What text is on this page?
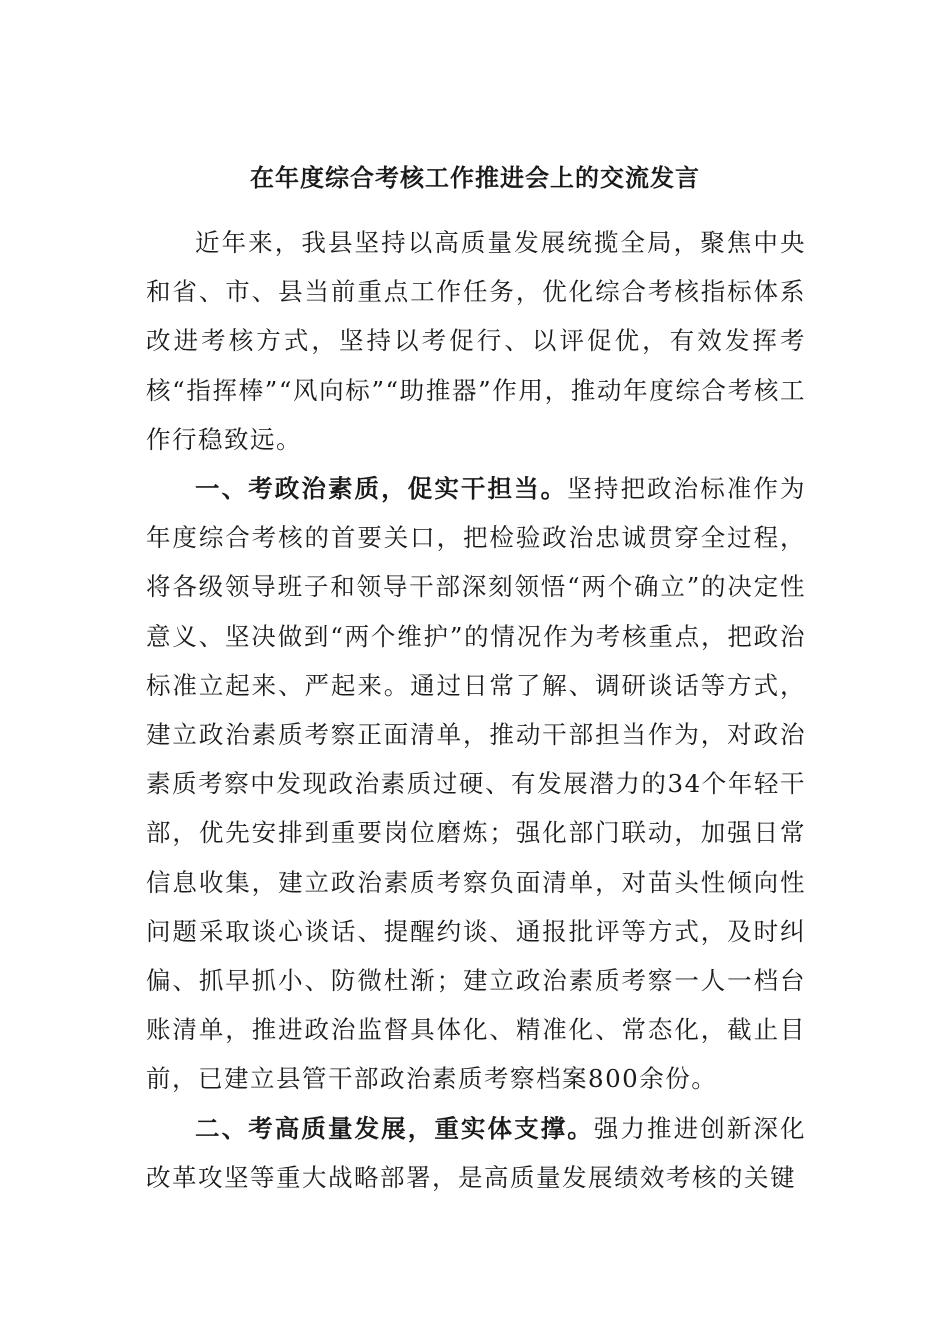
在年度综合考核工作推进会上的交流发言

近年来，我县坚持以高质量发展统揽全局，聚焦中央和省、市、县当前重点工作任务，优化综合考核指标体系改进考核方式，坚持以考促行、以评促优，有效发挥考核“指挥棒”“风向标”“助推器”作用，推动年度综合考核工作行稳致远。

一、考政治素质，促实干担当。坚持把政治标准作为年度综合考核的首要关口，把检验政治忠诚贯穿全过程，将各级领导班子和领导干部深刻领悟“两个确立”的决定性意义、坚决做到“两个维护”的情况作为考核重点，把政治标准立起来、严起来。通过日常了解、调研谈话等方式，建立政治素质考察正面清单，推动干部担当作为，对政治素质考察中发现政治素质过硬、有发展潜力的34个年轻干部，优先安排到重要岗位磨炼；强化部门联动，加强日常信息收集，建立政治素质考察负面清单，对苗头性倾向性问题采取谈心谈话、提醒约谈、通报批评等方式，及时纠偏、抓早抓小、防微杜渐；建立政治素质考察一人一档台账清单，推进政治监督具体化、精准化、常态化，截止目前，已建立县管干部政治素质考察档案800余份。

二、考高质量发展，重实体支撑。强力推进创新深化改革攻坚等重大战略部署，是高质量发展绩效考核的关键
